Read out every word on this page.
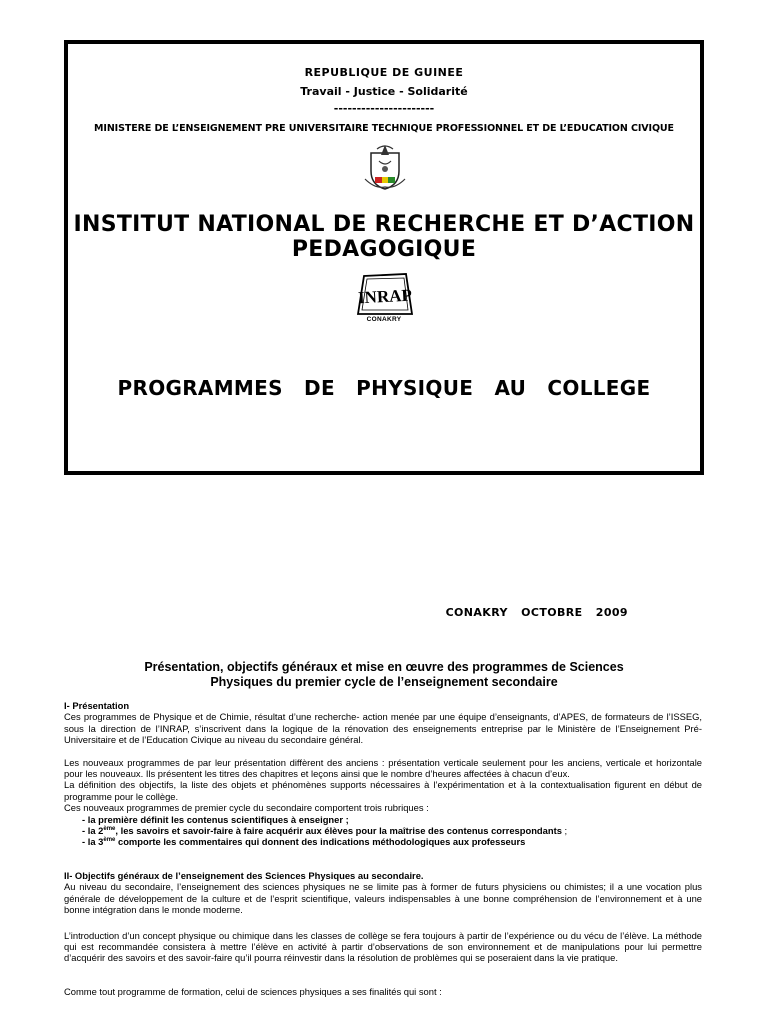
REPUBLIQUE DE GUINEE
Travail - Justice - Solidarité
----------------------
MINISTERE DE L’ENSEIGNEMENT PRE UNIVERSITAIRE TECHNIQUE PROFESSIONNEL ET DE L’EDUCATION CIVIQUE
INSTITUT NATIONAL DE RECHERCHE ET D’ACTION
PEDAGOGIQUE
INRAP
CONAKRY
PROGRAMMES DE PHYSIQUE AU COLLEGE
CONAKRY OCTOBRE 2009
Présentation, objectifs généraux et mise en œuvre des programmes de Sciences
Physiques du premier cycle de l’enseignement secondaire

I- Présentation

Ces programmes de Physique et de Chimie, résultat d’une recherche- action menée par une équipe d’enseignants, d’APES, de formateurs de l’ISSEG, sous la direction de l’INRAP, s’inscrivent dans la logique de la rénovation des enseignements entreprise par le Ministère de l’Enseignement Pré-Universitaire et de l’Education Civique au niveau du secondaire général.

Les nouveaux programmes de par leur présentation diffèrent des anciens : présentation verticale seulement pour les anciens, verticale et horizontale pour les nouveaux. Ils présentent les titres des chapitres et leçons ainsi que le nombre d’heures affectées à chacun d’eux.

La définition des objectifs, la liste des objets et phénomènes supports nécessaires à l’expérimentation et à la contextualisation figurent en début de programme pour le collège.

Ces nouveaux programmes de premier cycle du secondaire comportent trois rubriques :

- la première définit les contenus scientifiques à enseigner ;

- la 2ème, les savoirs et savoir-faire à faire acquérir aux élèves pour la maîtrise des contenus correspondants ;

- la 3ème comporte les commentaires qui donnent des indications méthodologiques aux professeurs

II- Objectifs généraux de l’enseignement des Sciences Physiques au secondaire.

Au niveau du secondaire, l’enseignement des sciences physiques ne se limite pas à former de futurs physiciens ou chimistes; il a une vocation plus générale de développement de la culture et de l’esprit scientifique, valeurs indispensables à une bonne compréhension de l’environnement et à une bonne intégration dans le monde moderne.

L’introduction d’un concept physique ou chimique dans les classes de collège se fera toujours à partir de l’expérience ou du vécu de l’élève. La méthode qui est recommandée consistera à mettre l’élève en activité à partir d’observations de son environnement et de manipulations pour lui permettre d’acquérir des savoirs et des savoir-faire qu’il pourra réinvestir dans la résolution de problèmes qui se poseraient dans la vie pratique.

Comme tout programme de formation, celui de sciences physiques a ses finalités qui sont :
